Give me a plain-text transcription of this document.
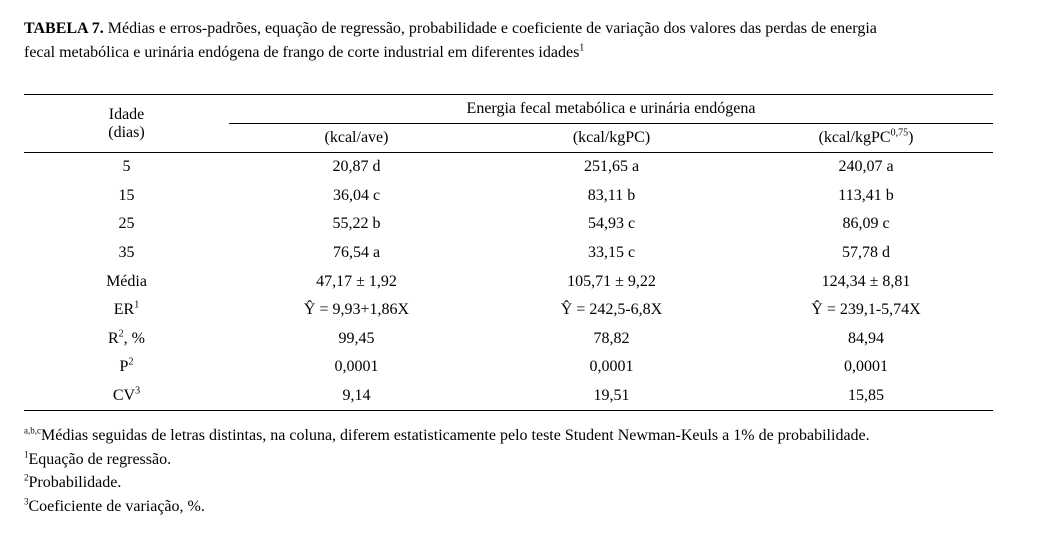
TABELA 7. Médias e erros-padrões, equação de regressão, probabilidade e coeficiente de variação dos valores das perdas de energia
fecal metabólica e urinária endógena de frango de corte industrial em diferentes idades$^1$
Idade	Energia fecal metabólica e urinária endógena		

(dias)	(kcal/ave)	(kcal/kgPC)	(kcal/kgPC$^{0,75}$)
5	20,87 d	251,65 a	240,07 a
15	36,04 c	83,11 b	113,41 b
25	55,22 b	54,93 c	86,09 c
35	76,54 a	33,15 c	57,78 d
Média	47,17 ± 1,92	105,71 ± 9,22	124,34 ± 8,81
$ER^1$	Ŷ = 9,93+1,86X	Ŷ = 242,5-6,8X	Ŷ = 239,1-5,74X
$R^2$, %	99,45	78,82	84,94
$P^2$	0,0001	0,0001	0,0001
$CV^3$	9,14	19,51	15,85
$^{a,b,c}$Médias seguidas de letras distintas, na coluna, diferem estatisticamente pelo teste Student Newman-Keuls a 1% de probabilidade.
$^1$Equação de regressão.
$^2$Probabilidade.
$^3$Coeficiente de variação, %.
